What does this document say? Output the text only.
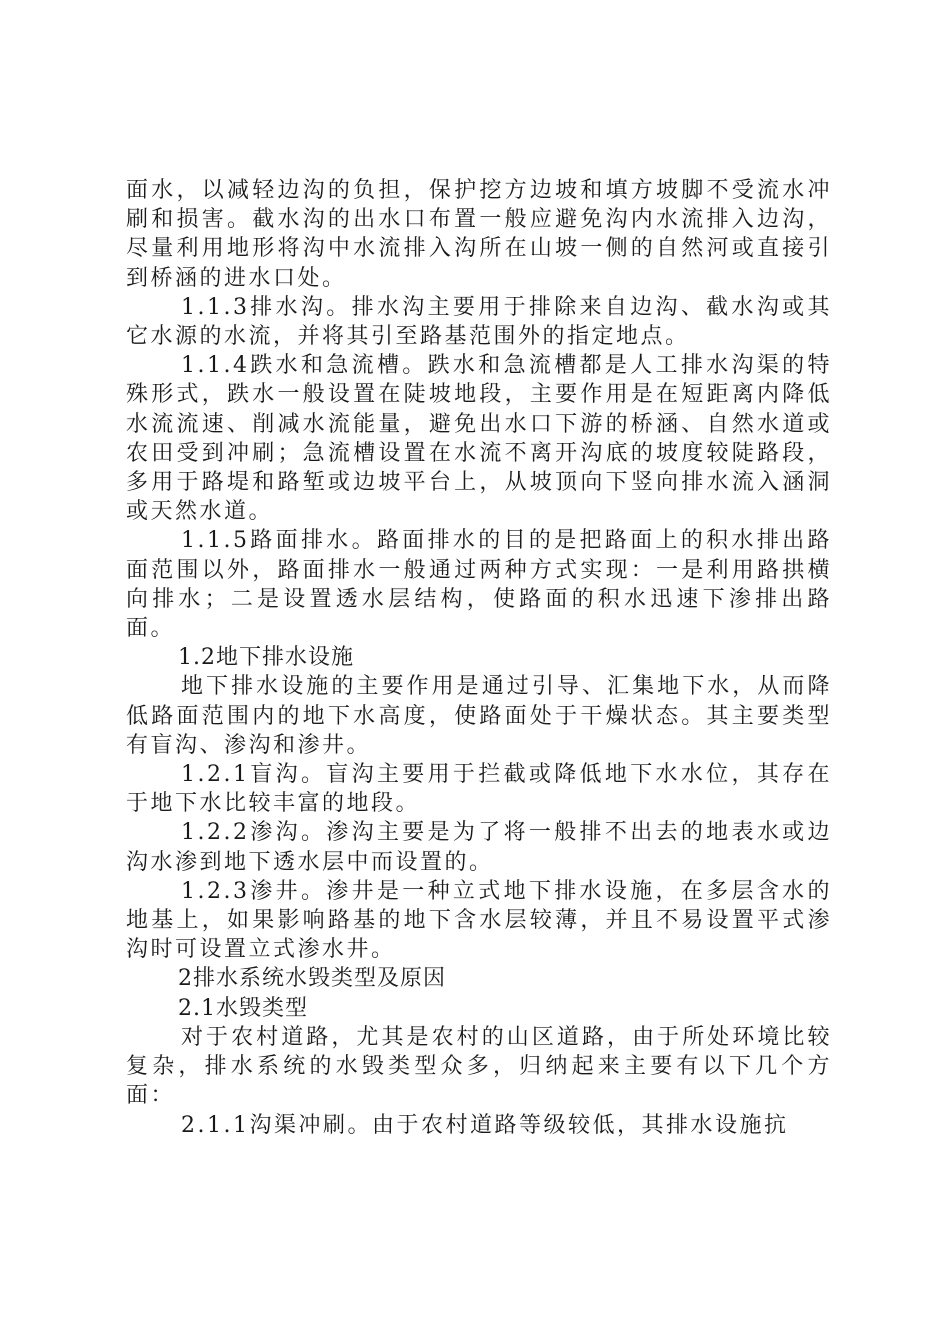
面水，以减轻边沟的负担，保护挖方边坡和填方坡脚不受流水冲刷和损害。截水沟的出水口布置一般应避免沟内水流排入边沟，尽量利用地形将沟中水流排入沟所在山坡一侧的自然河或直接引到桥涵的进水口处。

1.1.3排水沟。排水沟主要用于排除来自边沟、截水沟或其它水源的水流，并将其引至路基范围外的指定地点。

1.1.4跌水和急流槽。跌水和急流槽都是人工排水沟渠的特殊形式，跌水一般设置在陡坡地段，主要作用是在短距离内降低水流流速、削减水流能量，避免出水口下游的桥涵、自然水道或农田受到冲刷；急流槽设置在水流不离开沟底的坡度较陡路段，多用于路堤和路堑或边坡平台上，从坡顶向下竖向排水流入涵洞或天然水道。

1.1.5路面排水。路面排水的目的是把路面上的积水排出路面范围以外，路面排水一般通过两种方式实现：一是利用路拱横向排水；二是设置透水层结构，使路面的积水迅速下渗排出路面。

1.2地下排水设施

地下排水设施的主要作用是通过引导、汇集地下水，从而降低路面范围内的地下水高度，使路面处于干燥状态。其主要类型有盲沟、渗沟和渗井。

1.2.1盲沟。盲沟主要用于拦截或降低地下水水位，其存在于地下水比较丰富的地段。

1.2.2渗沟。渗沟主要是为了将一般排不出去的地表水或边沟水渗到地下透水层中而设置的。

1.2.3渗井。渗井是一种立式地下排水设施，在多层含水的地基上，如果影响路基的地下含水层较薄，并且不易设置平式渗沟时可设置立式渗水井。

2排水系统水毁类型及原因

2.1水毁类型

对于农村道路，尤其是农村的山区道路，由于所处环境比较复杂，排水系统的水毁类型众多，归纳起来主要有以下几个方面：

2.1.1沟渠冲刷。由于农村道路等级较低，其排水设施抗
